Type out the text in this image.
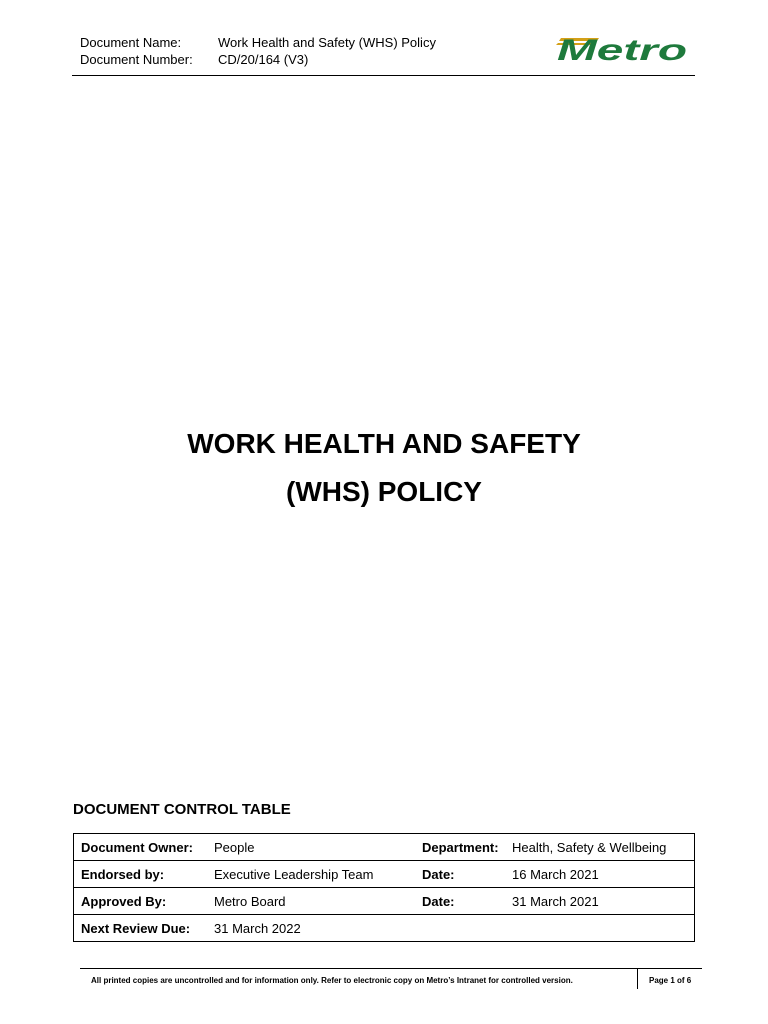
Document Name:	Work Health and Safety (WHS) Policy
Document Number:	CD/20/164 (V3)	Metro
WORK HEALTH AND SAFETY
(WHS) POLICY
DOCUMENT CONTROL TABLE
Document Owner:	People	Department:	Health, Safety & Wellbeing
Endorsed by:	Executive Leadership Team	Date:	16 March 2021
Approved By:	Metro Board	Date:	31 March 2021
Next Review Due:	31 March 2022		
All printed copies are uncontrolled and for information only. Refer to electronic copy on Metro’s Intranet for controlled version.	Page 1 of 6
